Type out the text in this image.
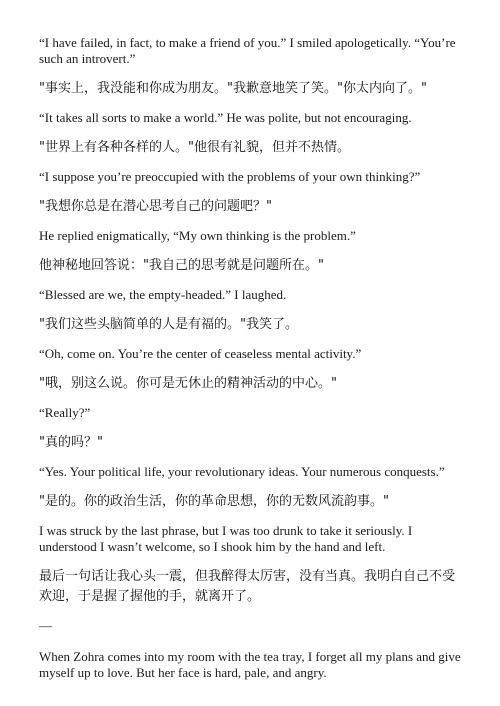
“I have failed, in fact, to make a friend of you.” I smiled apologetically. “You’re such an introvert.”

"事实上，我没能和你成为朋友。"我歉意地笑了笑。"你太内向了。"

“It takes all sorts to make a world.” He was polite, but not encouraging.

"世界上有各种各样的人。"他很有礼貌，但并不热情。

“I suppose you’re preoccupied with the problems of your own thinking?”

"我想你总是在潜心思考自己的问题吧？"

He replied enigmatically, “My own thinking is the problem.”

他神秘地回答说："我自己的思考就是问题所在。"

“Blessed are we, the empty-headed.” I laughed.

"我们这些头脑简单的人是有福的。"我笑了。

“Oh, come on. You’re the center of ceaseless mental activity.”

"哦，别这么说。你可是无休止的精神活动的中心。"

“Really?”

"真的吗？"

“Yes. Your political life, your revolutionary ideas. Your numerous conquests.”

"是的。你的政治生活，你的革命思想，你的无数风流韵事。"

I was struck by the last phrase, but I was too drunk to take it seriously. I understood I wasn’t welcome, so I shook him by the hand and left.

最后一句话让我心头一震，但我醉得太厉害，没有当真。我明白自己不受欢迎，于是握了握他的手，就离开了。

—

When Zohra comes into my room with the tea tray, I forget all my plans and give myself up to love. But her face is hard, pale, and angry.
